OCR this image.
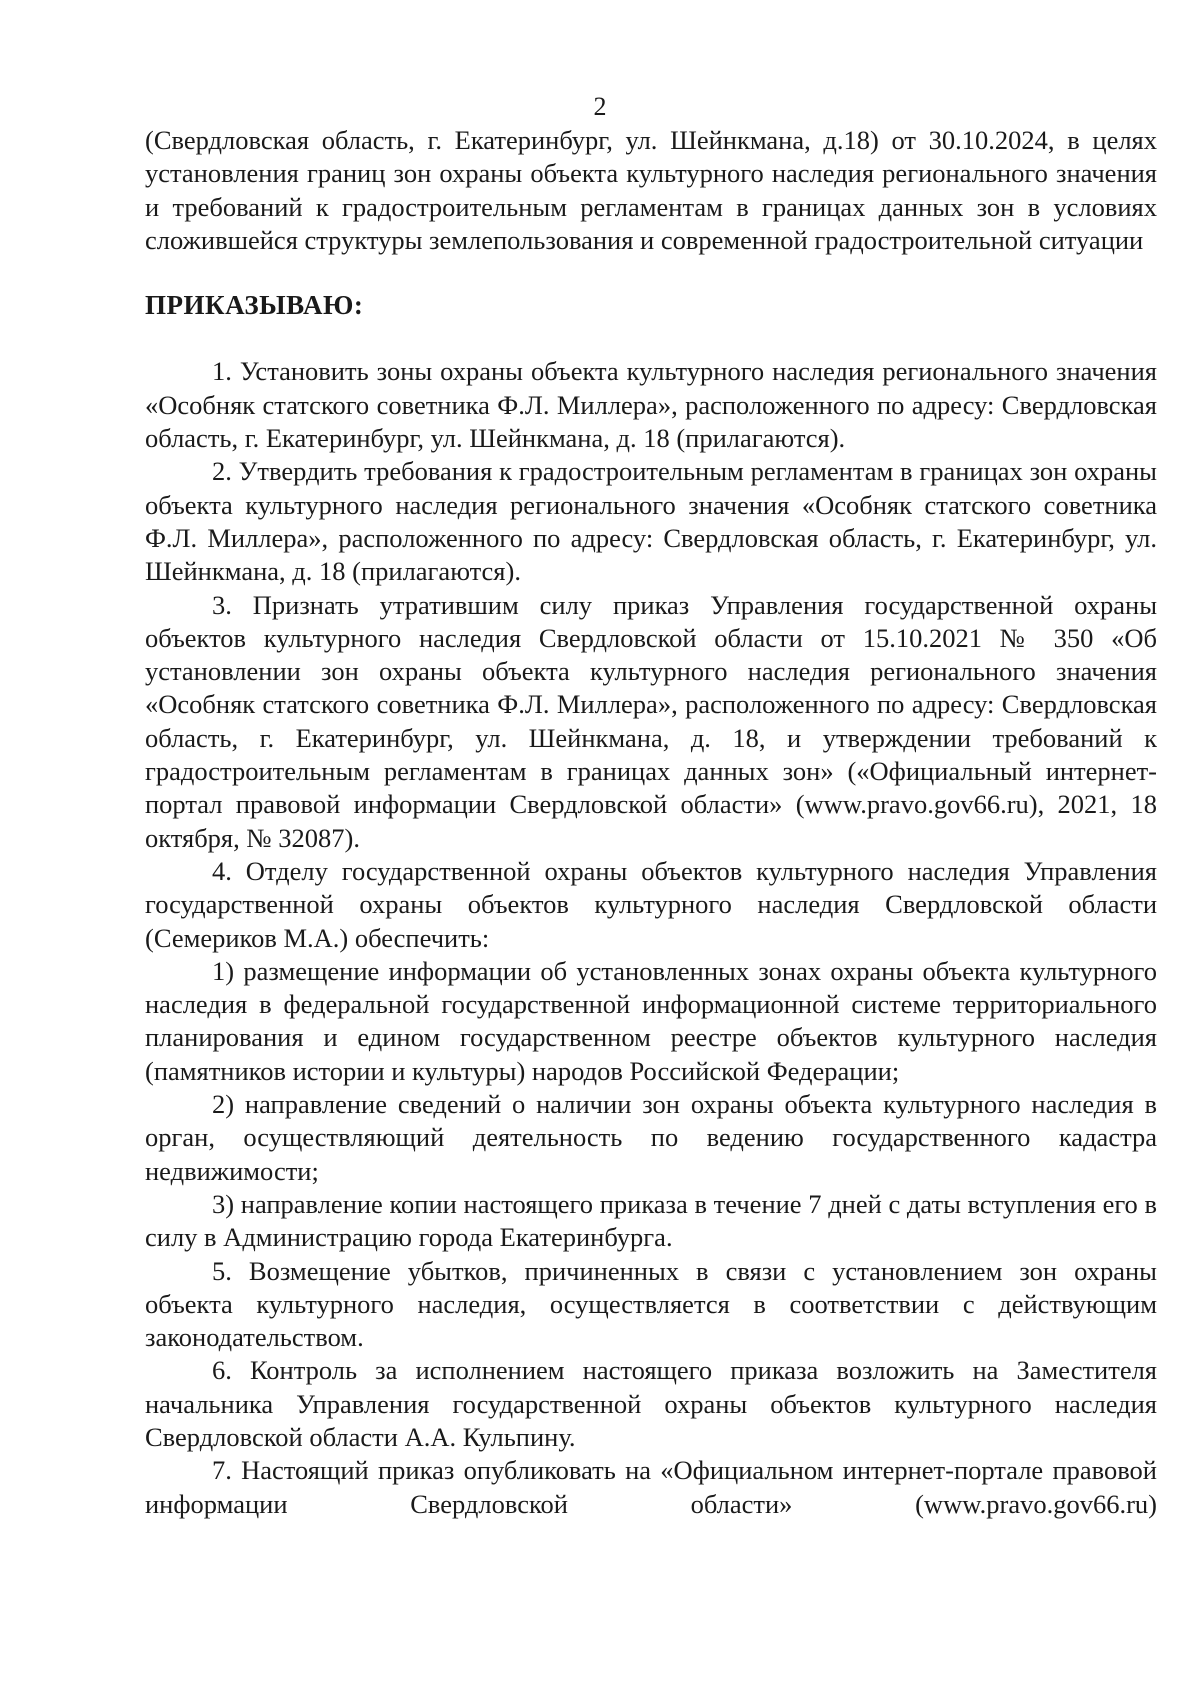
2

(Свердловская область, г. Екатеринбург, ул. Шейнкмана, д.18) от 30.10.2024, в целях установления границ зон охраны объекта культурного наследия регионального значения и требований к градостроительным регламентам в границах данных зон в условиях сложившейся структуры землепользования и современной градостроительной ситуации

ПРИКАЗЫВАЮ:

1. Установить зоны охраны объекта культурного наследия регионального значения «Особняк статского советника Ф.Л. Миллера», расположенного по адресу: Свердловская область, г. Екатеринбург, ул. Шейнкмана, д. 18 (прилагаются).

2. Утвердить требования к градостроительным регламентам в границах зон охраны объекта культурного наследия регионального значения «Особняк статского советника Ф.Л. Миллера», расположенного по адресу: Свердловская область, г. Екатеринбург, ул. Шейнкмана, д. 18 (прилагаются).

3. Признать утратившим силу приказ Управления государственной охраны объектов культурного наследия Свердловской области от 15.10.2021 № 350 «Об установлении зон охраны объекта культурного наследия регионального значения «Особняк статского советника Ф.Л. Миллера», расположенного по адресу: Свердловская область, г. Екатеринбург, ул. Шейнкмана, д. 18, и утверждении требований к градостроительным регламентам в границах данных зон» («Официальный интернет-портал правовой информации Свердловской области» (www.pravo.gov66.ru), 2021, 18 октября, № 32087).

4. Отделу государственной охраны объектов культурного наследия Управления государственной охраны объектов культурного наследия Свердловской области (Семериков М.А.) обеспечить:

1) размещение информации об установленных зонах охраны объекта культурного наследия в федеральной государственной информационной системе территориального планирования и едином государственном реестре объектов культурного наследия (памятников истории и культуры) народов Российской Федерации;

2) направление сведений о наличии зон охраны объекта культурного наследия в орган, осуществляющий деятельность по ведению государственного кадастра недвижимости;

3) направление копии настоящего приказа в течение 7 дней с даты вступления его в силу в Администрацию города Екатеринбурга.

5. Возмещение убытков, причиненных в связи с установлением зон охраны объекта культурного наследия, осуществляется в соответствии с действующим законодательством.

6. Контроль за исполнением настоящего приказа возложить на Заместителя начальника Управления государственной охраны объектов культурного наследия Свердловской области А.А. Кульпину.

7. Настоящий приказ опубликовать на «Официальном интернет-портале правовой информации Свердловской области» (www.pravo.gov66.ru)
